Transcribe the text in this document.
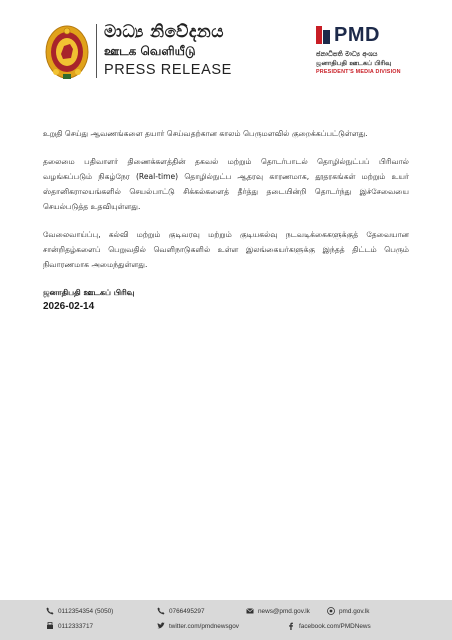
මාධ්‍ය නිවේදනය
ஊடக வெளியீடு
PRESS RELEASE
PMD
ජනාධිපති මාධ්‍ය අංශය
ஜனாதிபதி ஊடகப் பிரிவு
PRESIDENT'S MEDIA DIVISION

உறுதி செய்து ஆவணங்களை தயார் செய்வதற்கான காலம் பெருமளவில் குறைக்கப்பட்டுள்ளது.

தலைமை பதிவாளர் திணைக்களத்தின் தகவல் மற்றும் தொடர்பாடல் தொழில்நுட்பப் பிரிவால் வழங்கப்படும் நிகழ்நேர (Real-time) தொழில்நுட்ப ஆதரவு காரணமாக, தூதரகங்கள் மற்றும் உயர் ஸ்தானிகராலயங்களில் செயல்பாட்டு சிக்கல்களைத் தீர்த்து தடையின்றி தொடர்ந்து இச்சேவையை செயல்படுத்த உதவியுள்ளது.

வேலைவாய்ப்பு, கல்வி மற்றும் குடிவரவு மற்றும் குடியகல்வு நடவடிக்கைகளுக்குத் தேவையான சான்றிதழ்களைப் பெறுவதில் வெளிநாடுகளில் உள்ள இலங்கையர்களுக்கு இந்தத் திட்டம் பெரும் நிவாரணமாக அமைந்துள்ளது.

ஜனாதிபதி ஊடகப் பிரிவு
2026-02-14
0112354354 (5050)
0112333717
0766495297
twitter.com/pmdnewsgov
news@pmd.gov.lk
facebook.com/PMDNews
pmd.gov.lk
